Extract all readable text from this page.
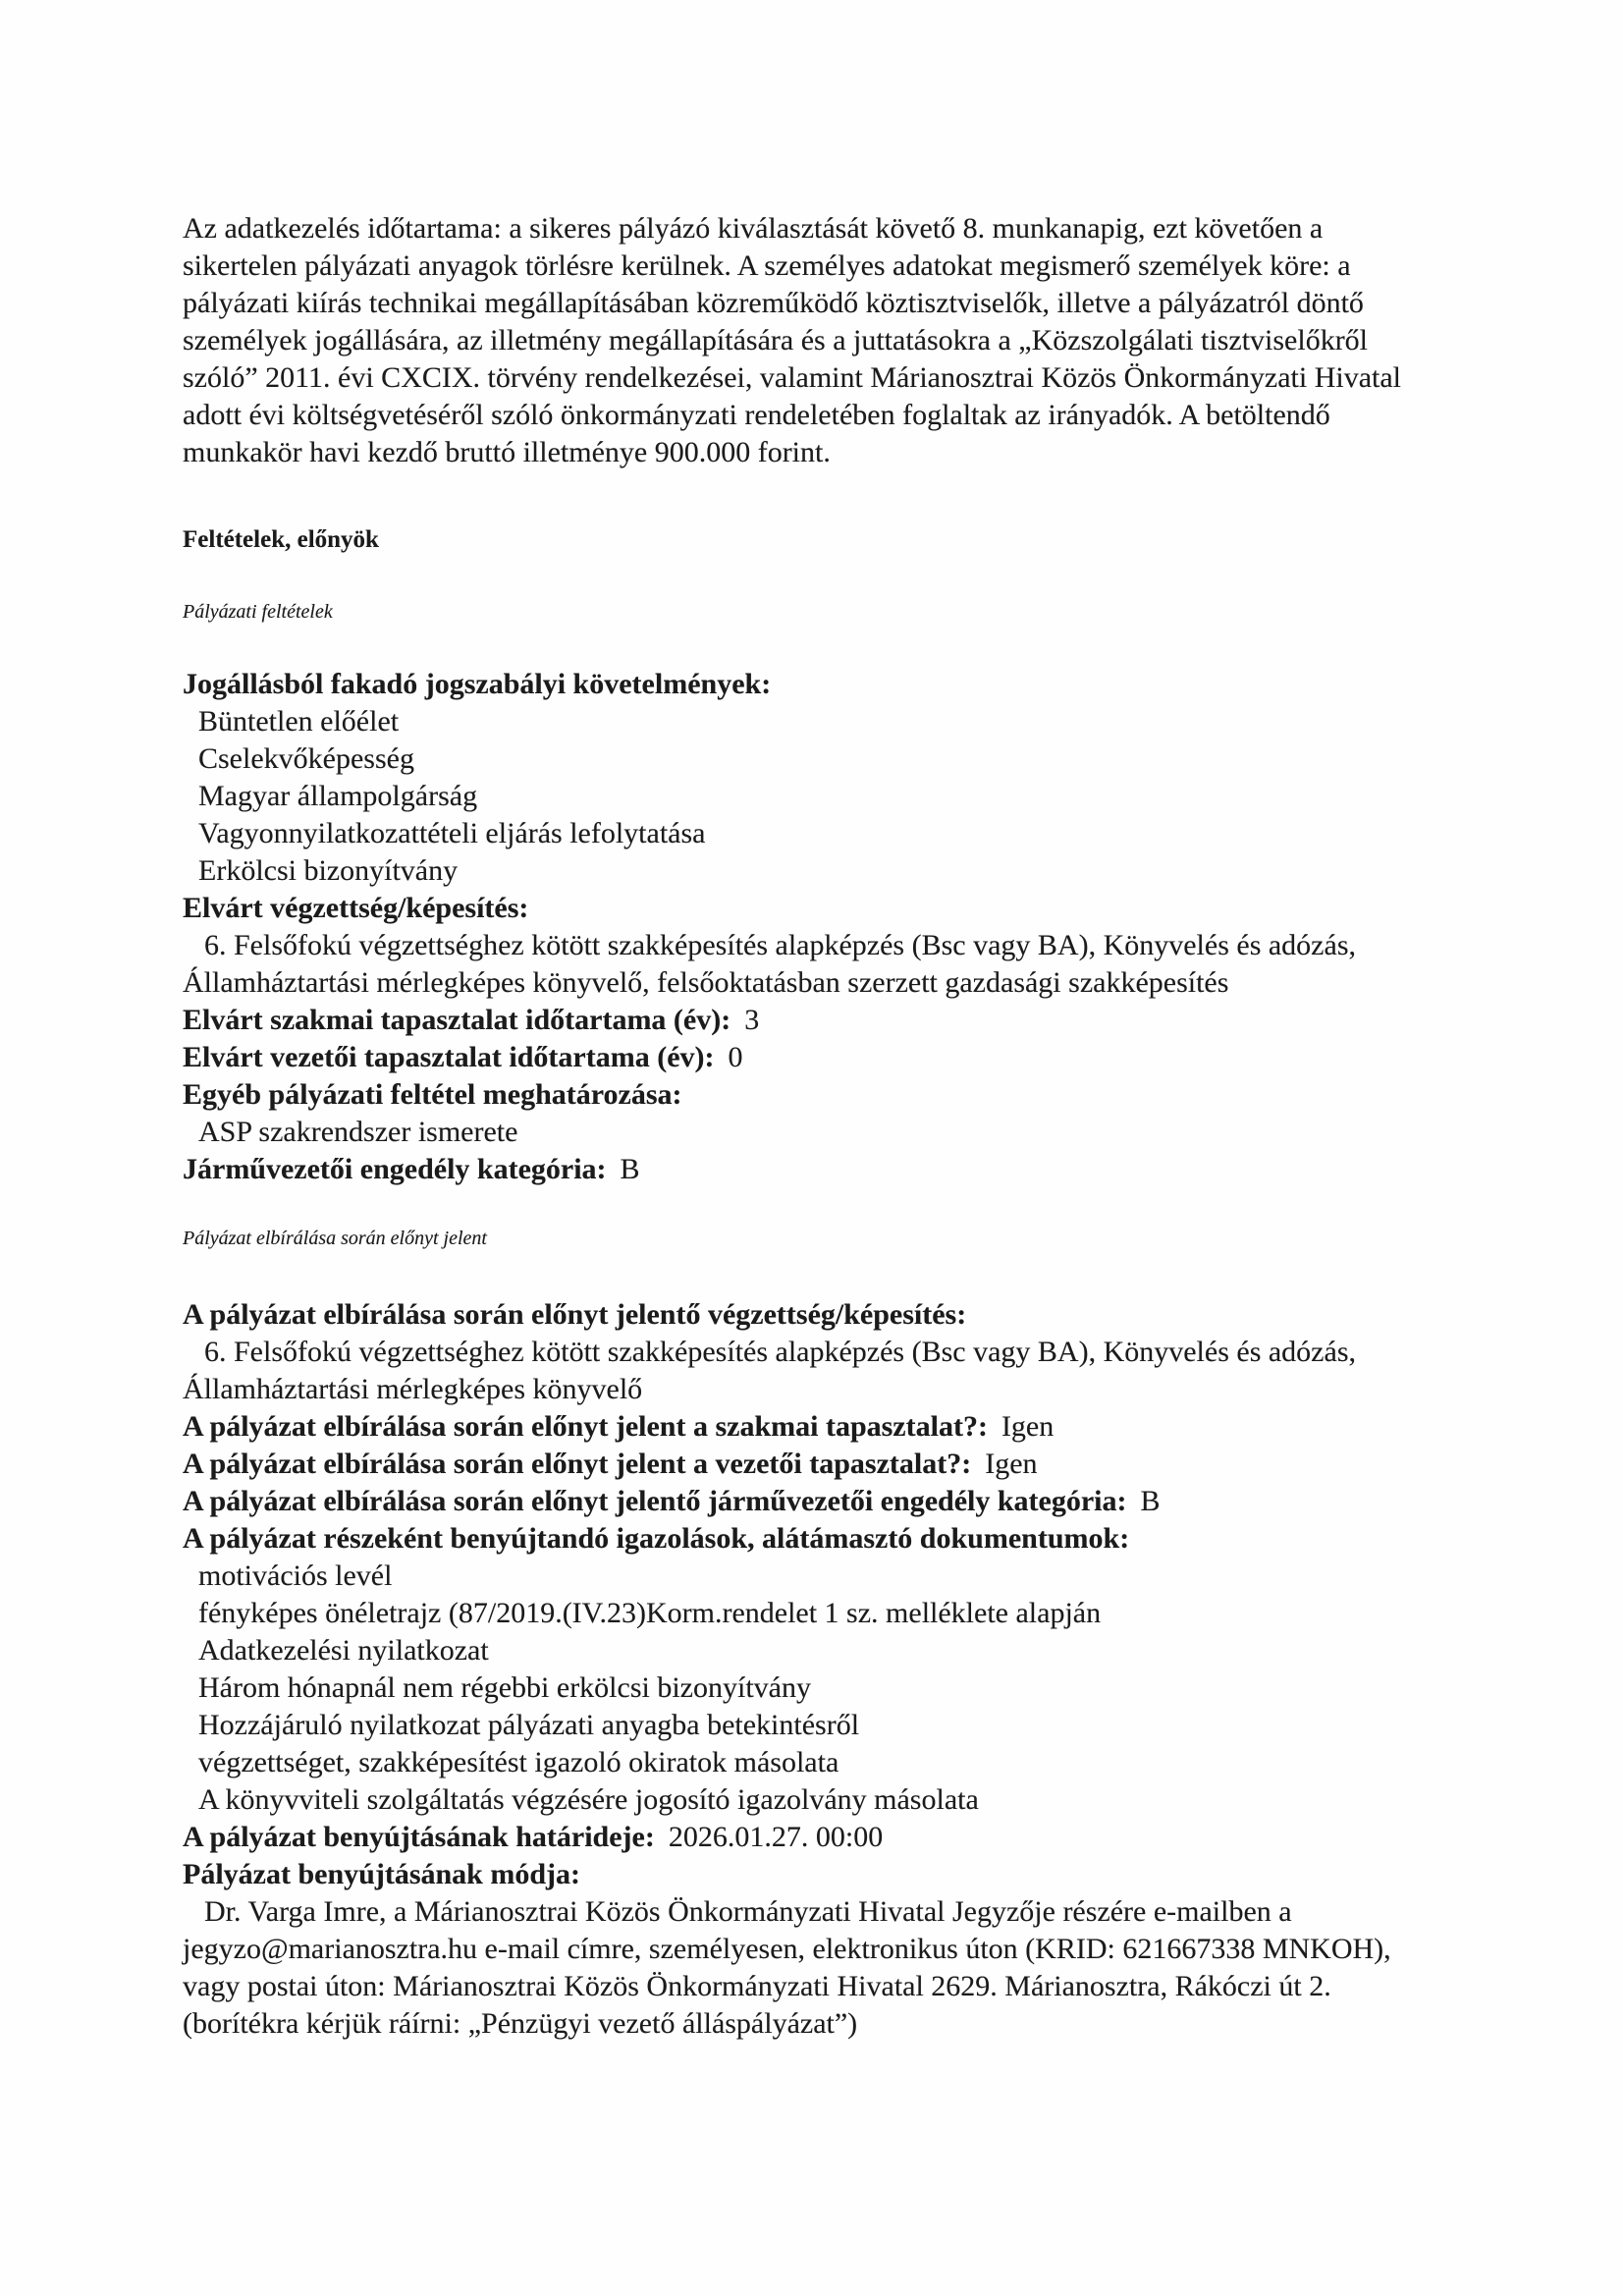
Az adatkezelés időtartama: a sikeres pályázó kiválasztását követő 8. munkanapig, ezt követően a sikertelen pályázati anyagok törlésre kerülnek. A személyes adatokat megismerő személyek köre: a pályázati kiírás technikai megállapításában közreműködő köztisztviselők, illetve a pályázatról döntő személyek jogállására, az illetmény megállapítására és a juttatásokra a „Közszolgálati tisztviselőkről szóló” 2011. évi CXCIX. törvény rendelkezései, valamint Márianosztrai Közös Önkormányzati Hivatal adott évi költségvetéséről szóló önkormányzati rendeletében foglaltak az irányadók. A betöltendő munkakör havi kezdő bruttó illetménye 900.000 forint.

Feltételek, előnyök
Pályázati feltételek
Jogállásból fakadó jogszabályi követelmények:
Büntetlen előélet
Cselekvőképesség
Magyar állampolgárság
Vagyonnyilatkozattételi eljárás lefolytatása
Erkölcsi bizonyítvány
Elvárt végzettség/képesítés:

6. Felsőfokú végzettséghez kötött szakképesítés alapképzés (Bsc vagy BA), Könyvelés és adózás, Államháztartási mérlegképes könyvelő, felsőoktatásban szerzett gazdasági szakképesítés

Elvárt szakmai tapasztalat időtartama (év): 3
Elvárt vezetői tapasztalat időtartama (év): 0
Egyéb pályázati feltétel meghatározása:
ASP szakrendszer ismerete
Járművezetői engedély kategória: B
Pályázat elbírálása során előnyt jelent
A pályázat elbírálása során előnyt jelentő végzettség/képesítés:

6. Felsőfokú végzettséghez kötött szakképesítés alapképzés (Bsc vagy BA), Könyvelés és adózás, Államháztartási mérlegképes könyvelő

A pályázat elbírálása során előnyt jelent a szakmai tapasztalat?: Igen
A pályázat elbírálása során előnyt jelent a vezetői tapasztalat?: Igen
A pályázat elbírálása során előnyt jelentő járművezetői engedély kategória: B
A pályázat részeként benyújtandó igazolások, alátámasztó dokumentumok:
motivációs levél
fényképes önéletrajz (87/2019.(IV.23)Korm.rendelet 1 sz. melléklete alapján
Adatkezelési nyilatkozat
Három hónapnál nem régebbi erkölcsi bizonyítvány
Hozzájáruló nyilatkozat pályázati anyagba betekintésről
végzettséget, szakképesítést igazoló okiratok másolata
A könyvviteli szolgáltatás végzésére jogosító igazolvány másolata
A pályázat benyújtásának határideje: 2026.01.27. 00:00
Pályázat benyújtásának módja:

Dr. Varga Imre, a Márianosztrai Közös Önkormányzati Hivatal Jegyzője részére e-mailben a jegyzo@marianosztra.hu e-mail címre, személyesen, elektronikus úton (KRID: 621667338 MNKOH), vagy postai úton: Márianosztrai Közös Önkormányzati Hivatal 2629. Márianosztra, Rákóczi út 2. (borítékra kérjük ráírni: „Pénzügyi vezető álláspályázat”)
